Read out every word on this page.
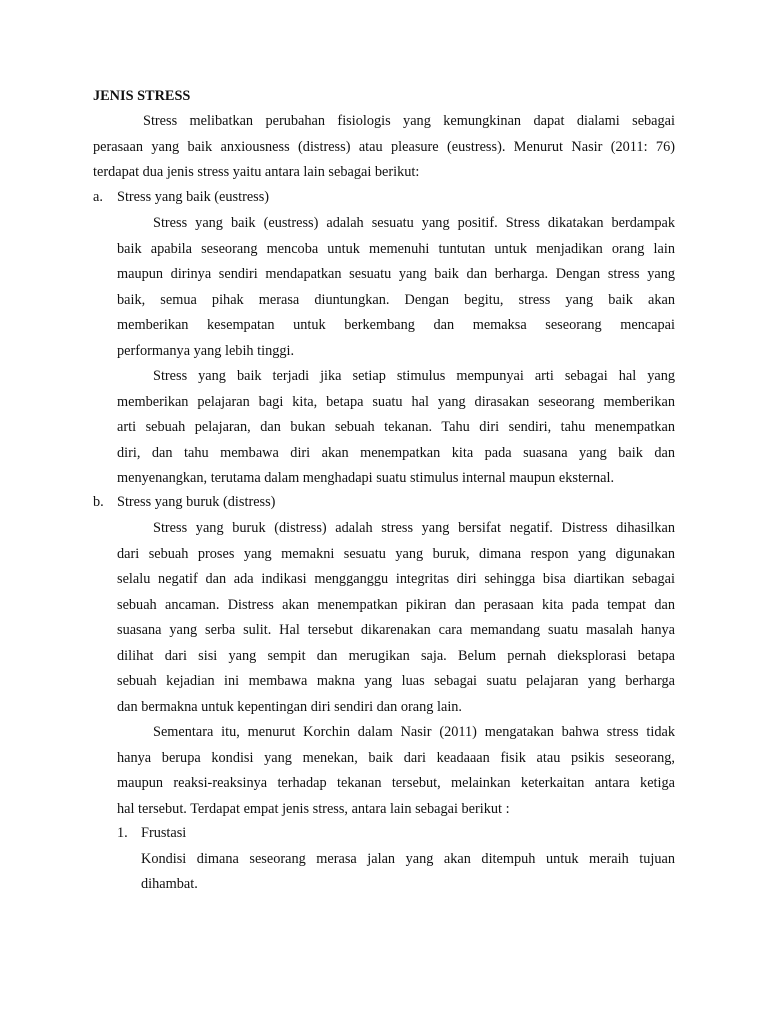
JENIS STRESS
Stress melibatkan perubahan fisiologis yang kemungkinan dapat dialami sebagai
perasaan yang baik anxiousness (distress) atau pleasure (eustress). Menurut Nasir (2011: 76)
terdapat dua jenis stress yaitu antara lain sebagai berikut:
a. Stress yang baik (eustress)
Stress yang baik (eustress) adalah sesuatu yang positif. Stress dikatakan berdampak
baik apabila seseorang mencoba untuk memenuhi tuntutan untuk menjadikan orang lain
maupun dirinya sendiri mendapatkan sesuatu yang baik dan berharga. Dengan stress yang
baik, semua pihak merasa diuntungkan. Dengan begitu, stress yang baik akan
memberikan kesempatan untuk berkembang dan memaksa seseorang mencapai
performanya yang lebih tinggi.
Stress yang baik terjadi jika setiap stimulus mempunyai arti sebagai hal yang
memberikan pelajaran bagi kita, betapa suatu hal yang dirasakan seseorang memberikan
arti sebuah pelajaran, dan bukan sebuah tekanan. Tahu diri sendiri, tahu menempatkan
diri, dan tahu membawa diri akan menempatkan kita pada suasana yang baik dan
menyenangkan, terutama dalam menghadapi suatu stimulus internal maupun eksternal.
b. Stress yang buruk (distress)
Stress yang buruk (distress) adalah stress yang bersifat negatif. Distress dihasilkan
dari sebuah proses yang memakni sesuatu yang buruk, dimana respon yang digunakan
selalu negatif dan ada indikasi mengganggu integritas diri sehingga bisa diartikan sebagai
sebuah ancaman. Distress akan menempatkan pikiran dan perasaan kita pada tempat dan
suasana yang serba sulit. Hal tersebut dikarenakan cara memandang suatu masalah hanya
dilihat dari sisi yang sempit dan merugikan saja. Belum pernah dieksplorasi betapa
sebuah kejadian ini membawa makna yang luas sebagai suatu pelajaran yang berharga
dan bermakna untuk kepentingan diri sendiri dan orang lain.
Sementara itu, menurut Korchin dalam Nasir (2011) mengatakan bahwa stress tidak
hanya berupa kondisi yang menekan, baik dari keadaaan fisik atau psikis seseorang,
maupun reaksi-reaksinya terhadap tekanan tersebut, melainkan keterkaitan antara ketiga
hal tersebut. Terdapat empat jenis stress, antara lain sebagai berikut :
1. Frustasi
Kondisi dimana seseorang merasa jalan yang akan ditempuh untuk meraih tujuan
dihambat.
